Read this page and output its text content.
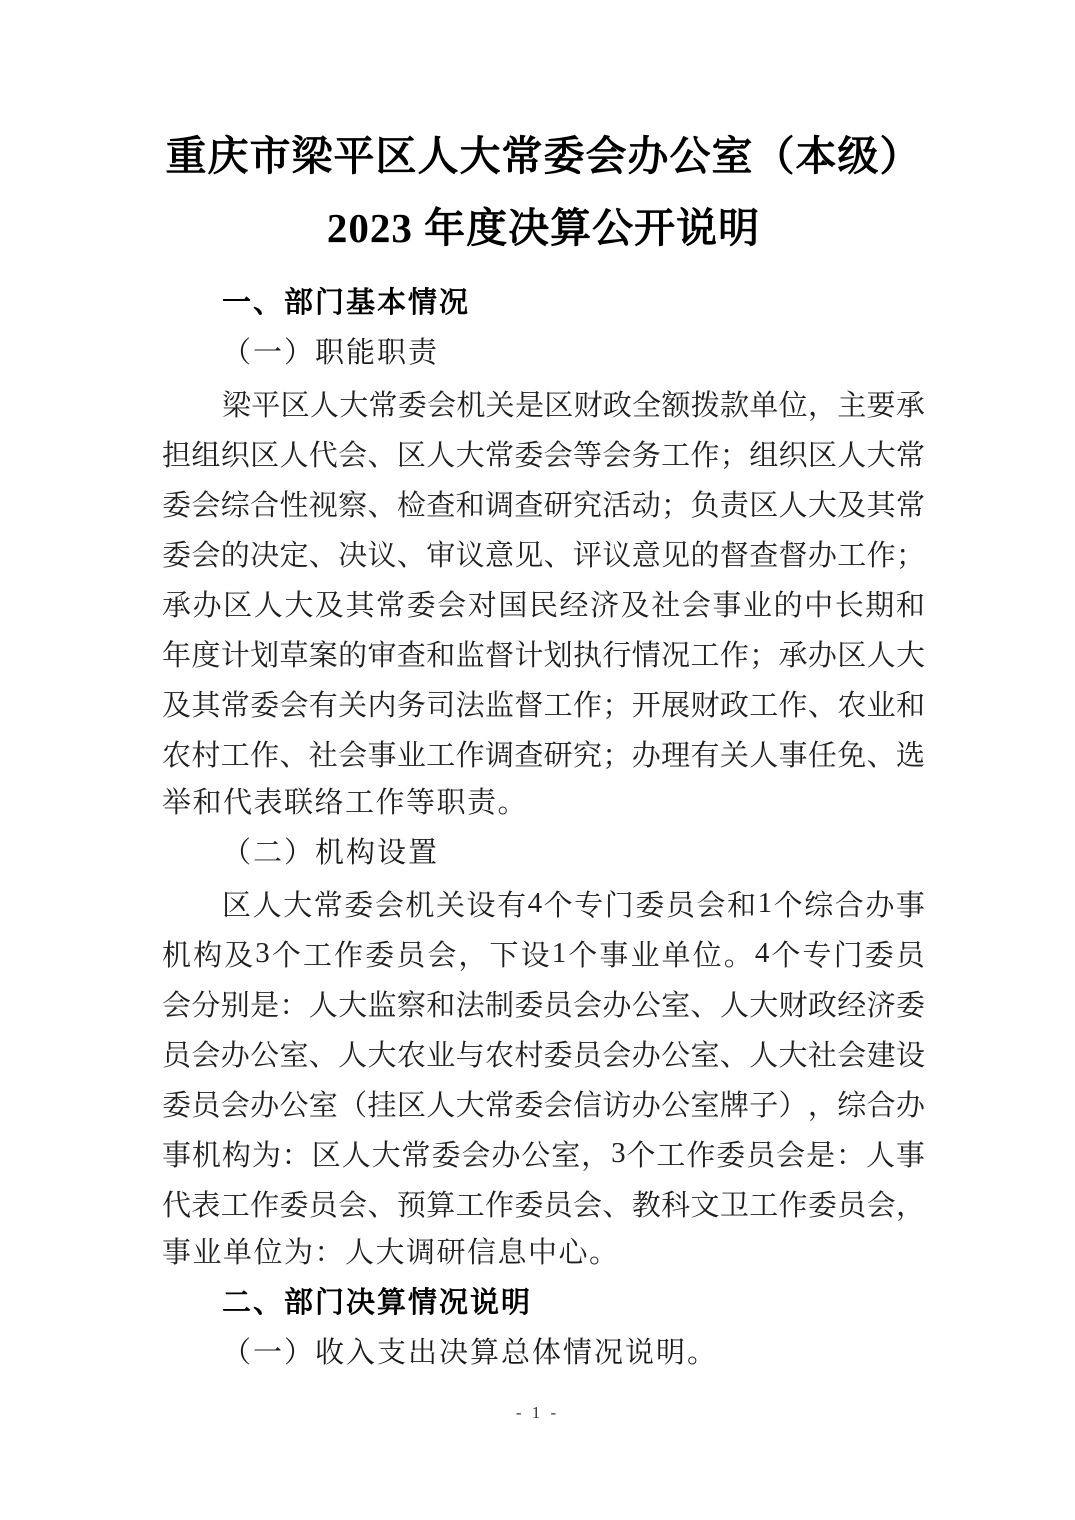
重庆市梁平区人大常委会办公室（本级）
2023 年度决算公开说明
一、部门基本情况
（一）职能职责
梁 平 区 人 大 常 委 会 机 关 是 区 财 政 全 额 拨 款 单 位 ， 主 要 承
担 组 织 区 人 代 会 、 区 人 大 常 委 会 等 会 务 工 作 ； 组 织 区 人 大 常
委 会 综 合 性 视 察 、 检 查 和 调 查 研 究 活 动 ； 负 责 区 人 大 及 其 常
委 会 的 决 定 、 决 议 、 审 议 意 见 、 评 议 意 见 的 督 查 督 办 工 作 ；
承 办 区 人 大 及 其 常 委 会 对 国 民 经 济 及 社 会 事 业 的 中 长 期 和
年 度 计 划 草 案 的 审 查 和 监 督 计 划 执 行 情 况 工 作 ； 承 办 区 人 大
及 其 常 委 会 有 关 内 务 司 法 监 督 工 作 ； 开 展 财 政 工 作 、 农 业 和
农 村 工 作 、 社 会 事 业 工 作 调 查 研 究 ； 办 理 有 关 人 事 任 免 、 选
举和代表联络工作等职责。
（二）机构设置
区 人 大 常 委 会 机 关 设 有 4 个 专 门 委 员 会 和 1 个 综 合 办 事
机 构 及 3 个 工 作 委 员 会 ， 下 设 1 个 事 业 单 位 。 4 个 专 门 委 员
会 分 别 是 ： 人 大 监 察 和 法 制 委 员 会 办 公 室 、 人 大 财 政 经 济 委
员 会 办 公 室 、 人 大 农 业 与 农 村 委 员 会 办 公 室 、 人 大 社 会 建 设
委 员 会 办 公 室 （ 挂 区 人 大 常 委 会 信 访 办 公 室 牌 子 ） ， 综 合 办
事 机 构 为 ： 区 人 大 常 委 会 办 公 室 ， 3 个 工 作 委 员 会 是 ： 人 事
代 表 工 作 委 员 会 、 预 算 工 作 委 员 会 、 教 科 文 卫 工 作 委 员 会 ，
事业单位为：人大调研信息中心。
二、部门决算情况说明
（一）收入支出决算总体情况说明。
- 1 -
